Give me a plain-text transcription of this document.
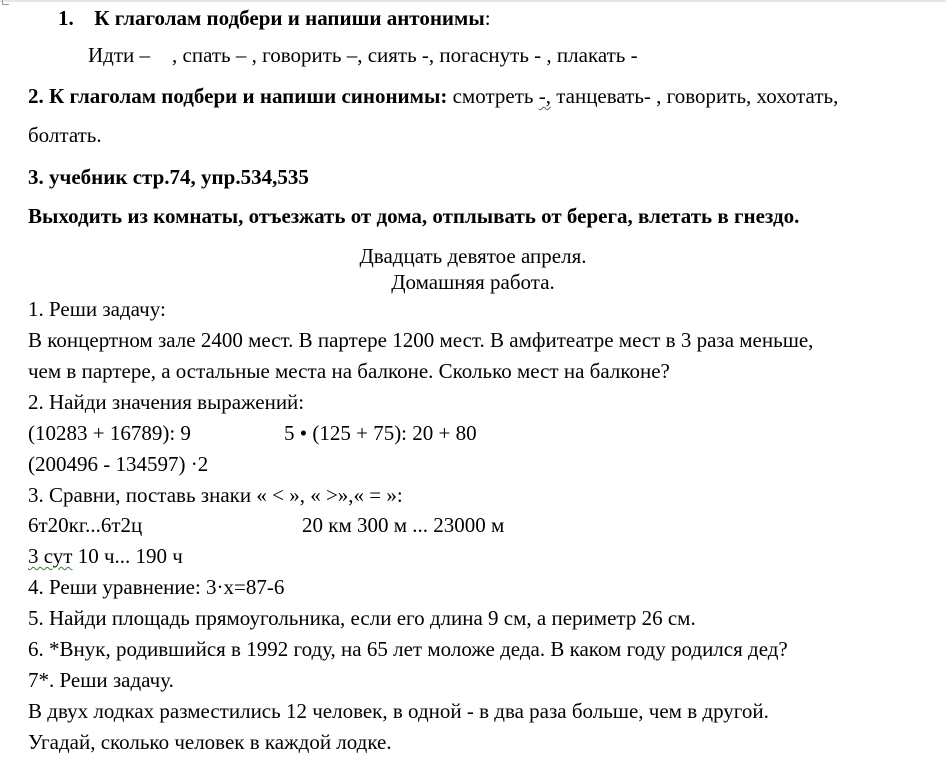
1. К глаголам подбери и напиши антонимы:
Идти – , спать – , говорить –, сиять -, погаснуть - , плакать -
2. К глаголам подбери и напиши синонимы: смотреть -, танцевать- , говорить, хохотать,
болтать.
3. учебник стр.74, упр.534,535
Выходить из комнаты, отъезжать от дома, отплывать от берега, влетать в гнездо.
Двадцать девятое апреля.
Домашняя работа.
1. Реши задачу:
В концертном зале 2400 мест. В партере 1200 мест. В амфитеатре мест в 3 раза меньше,
чем в партере, а остальные места на балконе. Сколько мест на балконе?
2. Найди значения выражений:
(10283 + 16789): 9	5 • (125 + 75): 20 + 80
(200496 - 134597) ·2
3. Сравни, поставь знаки « < », « >»,« = »:
6т20кг...6т2ц	20 км 300 м ... 23000 м
3 сут 10 ч... 190 ч
4. Реши уравнение: 3·х=87-6
5. Найди площадь прямоугольника, если его длина 9 см, а периметр 26 см.
6. *Внук, родившийся в 1992 году, на 65 лет моложе деда. В каком году родился дед?
7*. Реши задачу.
В двух лодках разместились 12 человек, в одной - в два раза больше, чем в другой.
Угадай, сколько человек в каждой лодке.
